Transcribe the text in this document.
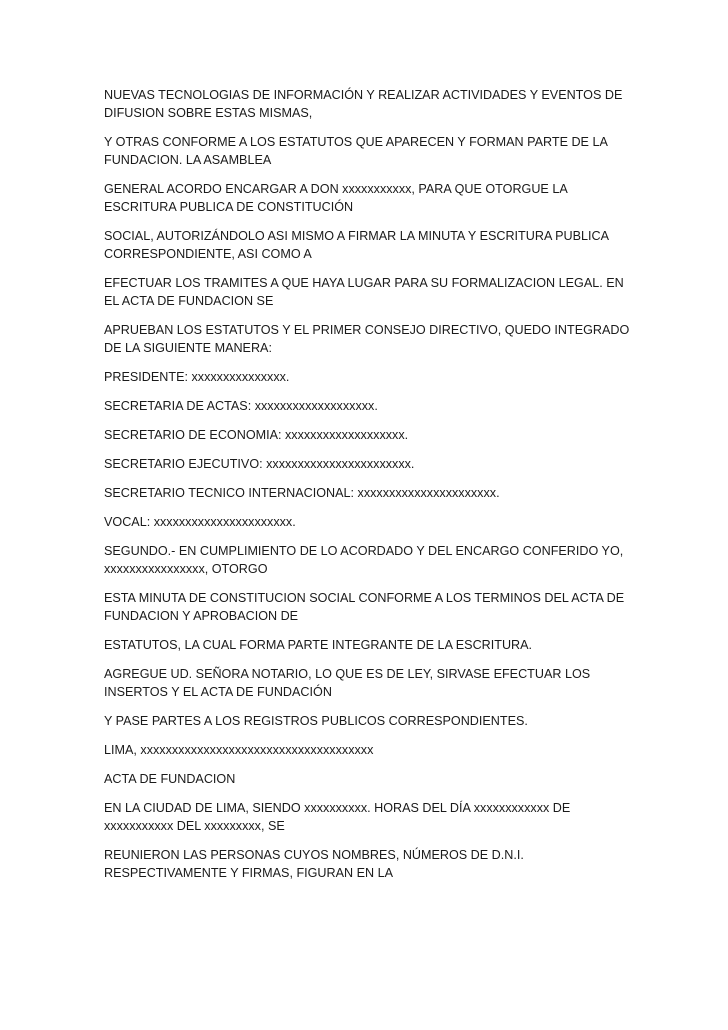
NUEVAS TECNOLOGIAS DE INFORMACIÓN Y REALIZAR ACTIVIDADES Y EVENTOS DE DIFUSION SOBRE ESTAS MISMAS,

Y OTRAS CONFORME A LOS ESTATUTOS QUE APARECEN Y FORMAN PARTE DE LA FUNDACION. LA ASAMBLEA

GENERAL ACORDO ENCARGAR A DON xxxxxxxxxxx, PARA QUE OTORGUE LA ESCRITURA PUBLICA DE CONSTITUCIÓN

SOCIAL, AUTORIZÁNDOLO ASI MISMO A FIRMAR LA MINUTA Y ESCRITURA PUBLICA CORRESPONDIENTE, ASI COMO A

EFECTUAR LOS TRAMITES A QUE HAYA LUGAR PARA SU FORMALIZACION LEGAL. EN EL ACTA DE FUNDACION SE

APRUEBAN LOS ESTATUTOS Y EL PRIMER CONSEJO DIRECTIVO, QUEDO INTEGRADO DE LA SIGUIENTE MANERA:

PRESIDENTE: xxxxxxxxxxxxxxx.

SECRETARIA DE ACTAS: xxxxxxxxxxxxxxxxxxx.

SECRETARIO DE ECONOMIA: xxxxxxxxxxxxxxxxxxx.

SECRETARIO EJECUTIVO: xxxxxxxxxxxxxxxxxxxxxxx.

SECRETARIO TECNICO INTERNACIONAL: xxxxxxxxxxxxxxxxxxxxxx.

VOCAL: xxxxxxxxxxxxxxxxxxxxxx.

SEGUNDO.- EN CUMPLIMIENTO DE LO ACORDADO Y DEL ENCARGO CONFERIDO YO, xxxxxxxxxxxxxxxx, OTORGO

ESTA MINUTA DE CONSTITUCION SOCIAL CONFORME A LOS TERMINOS DEL ACTA DE FUNDACION Y APROBACION DE

ESTATUTOS, LA CUAL FORMA PARTE INTEGRANTE DE LA ESCRITURA.

AGREGUE UD. SEÑORA NOTARIO, LO QUE ES DE LEY, SIRVASE EFECTUAR LOS INSERTOS Y EL ACTA DE FUNDACIÓN

Y PASE PARTES A LOS REGISTROS PUBLICOS CORRESPONDIENTES.

LIMA, xxxxxxxxxxxxxxxxxxxxxxxxxxxxxxxxxxxxx

ACTA DE FUNDACION

EN LA CIUDAD DE LIMA, SIENDO xxxxxxxxxx. HORAS DEL DÍA xxxxxxxxxxxx DE xxxxxxxxxxx DEL xxxxxxxxx, SE

REUNIERON LAS PERSONAS CUYOS NOMBRES, NÚMEROS DE D.N.I. RESPECTIVAMENTE Y FIRMAS, FIGURAN EN LA
